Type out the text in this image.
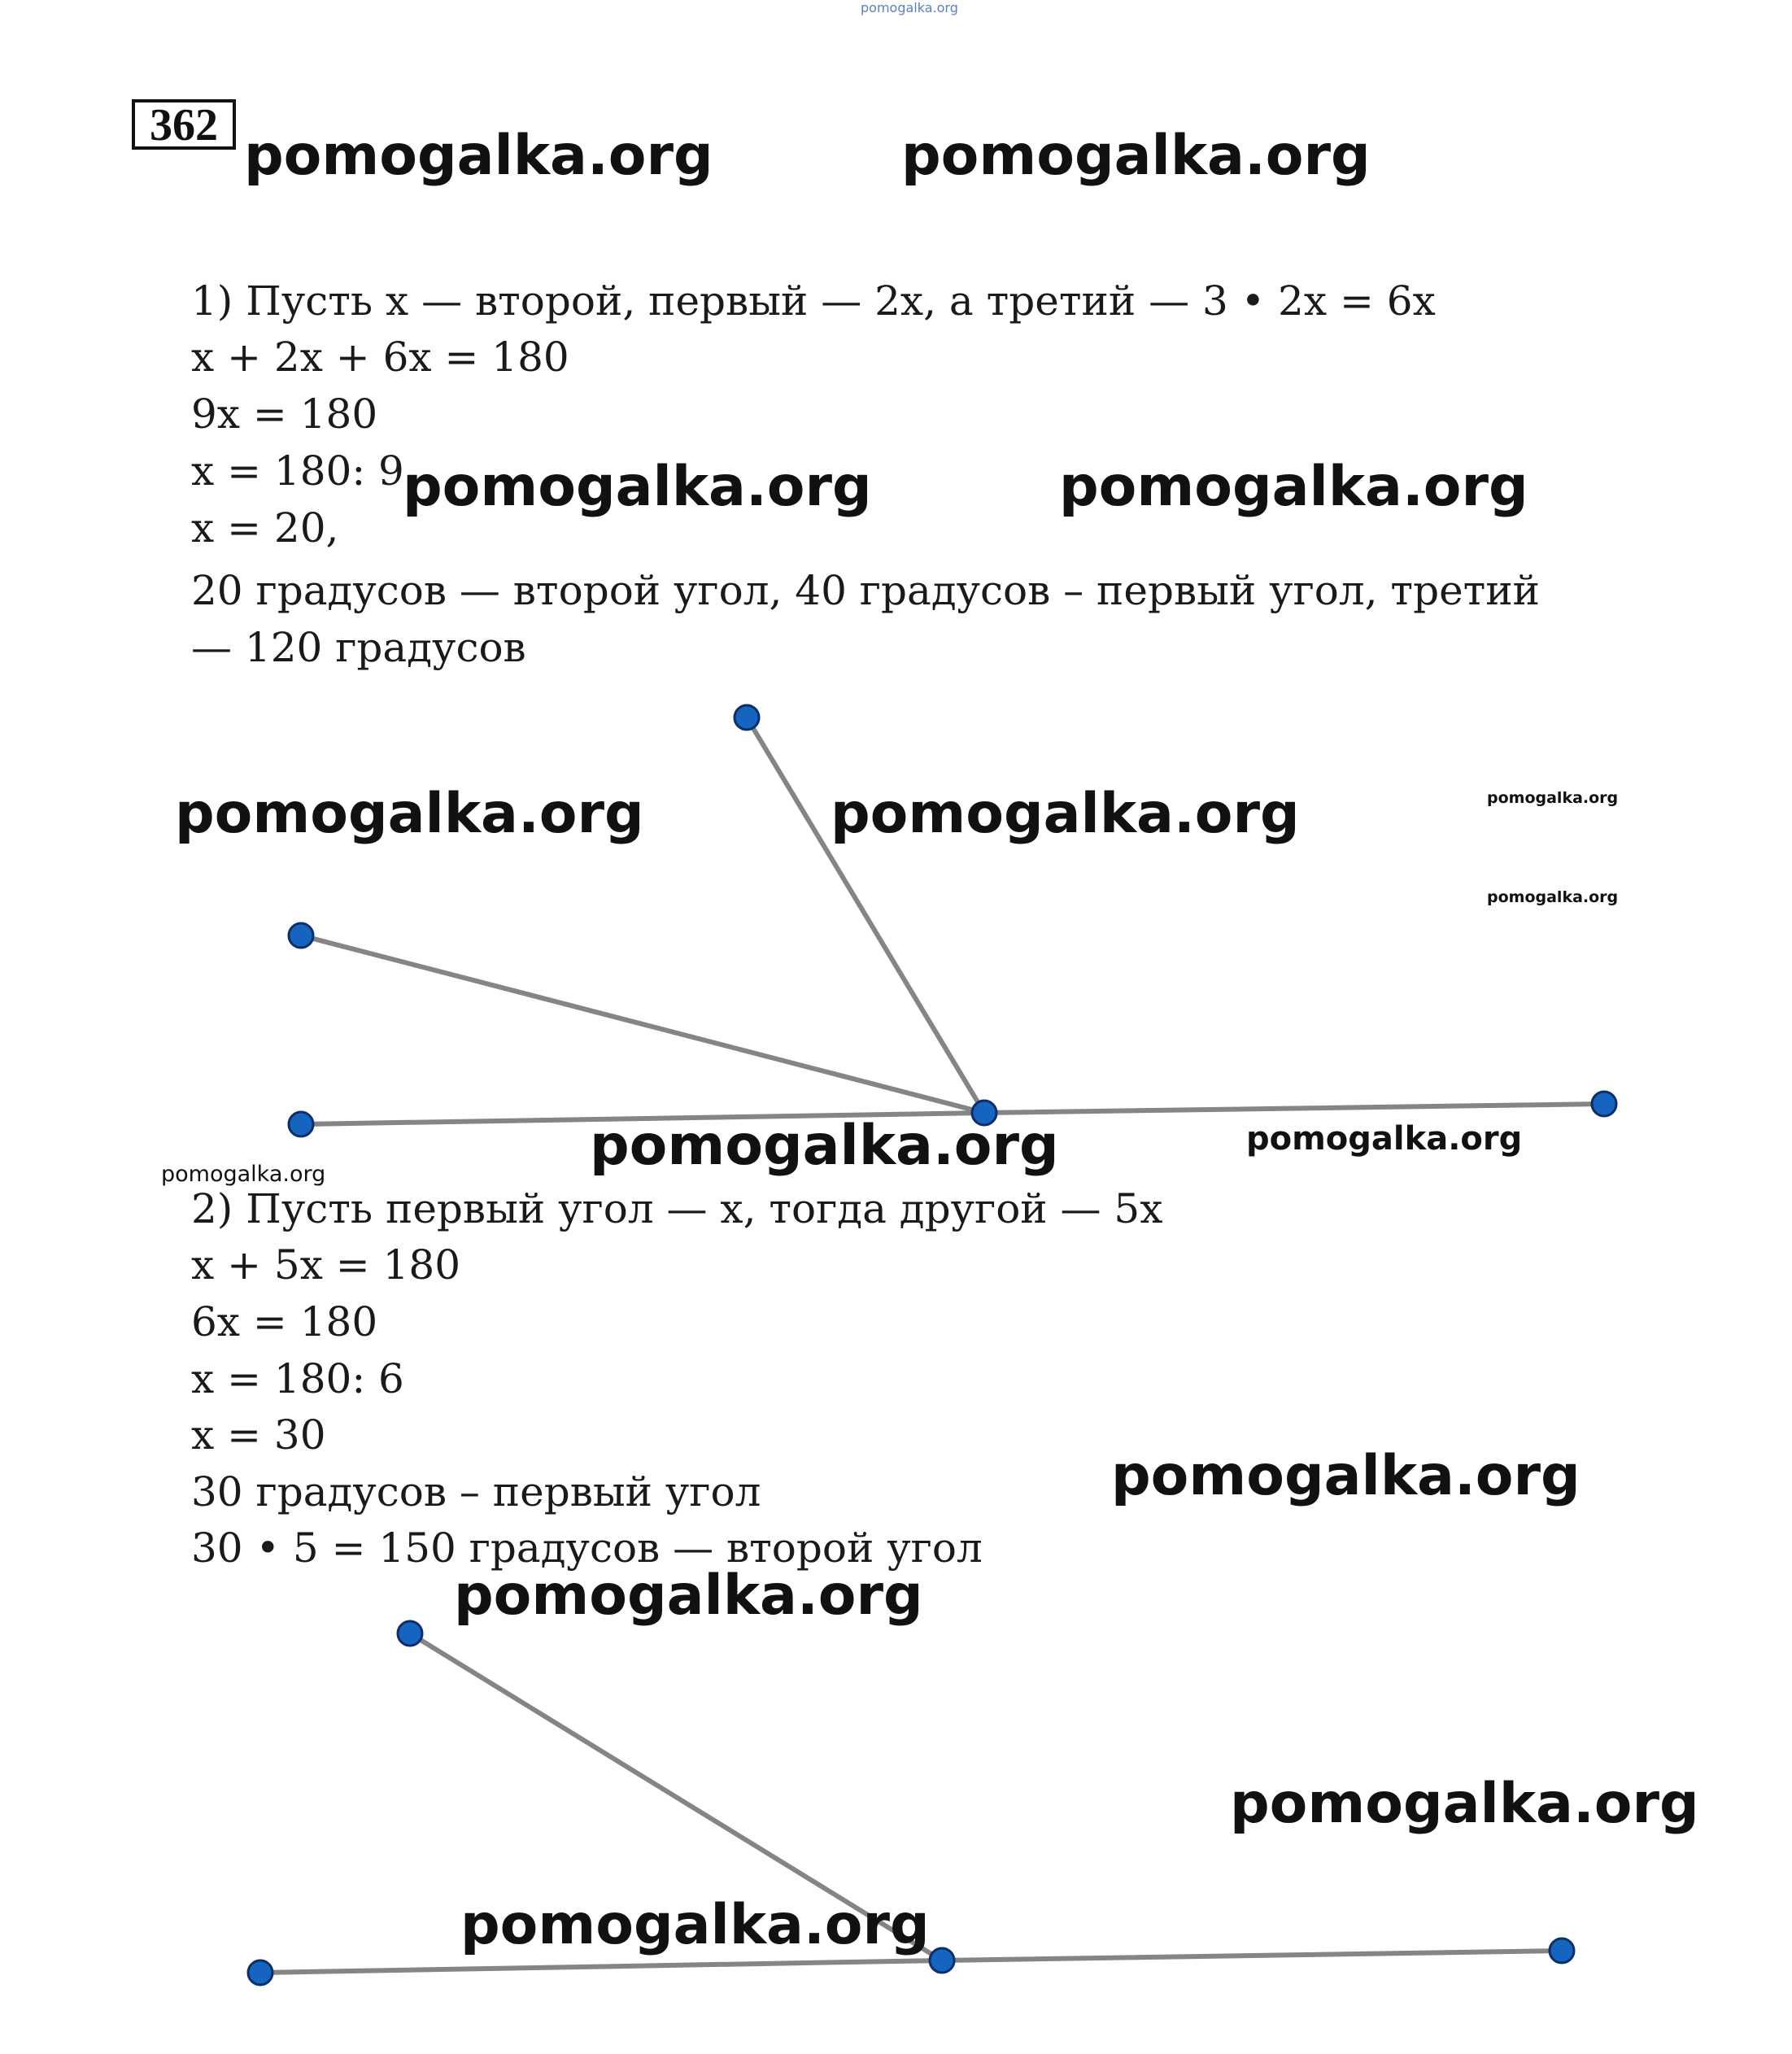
pomogalka.org
362 pomogalka.org	pomogalka.org
1) Пусть x — второй, первый — 2x, а третий — 3 • 2x = 6x
x + 2x + 6x = 180
9x = 180
x = 180: 9
x = 20,
20 градусов — второй угол, 40 градусов – первый угол, третий
— 120 градусов
pomogalka.org	pomogalka.org
pomogalka.org	pomogalka.org	pomogalka.org
pomogalka.org
pomogalka.org	pomogalka.org
pomogalka.org
2) Пусть первый угол — x, тогда другой — 5x
x + 5x = 180
6x = 180
x = 180: 6
x = 30
30 градусов – первый угол
30 • 5 = 150 градусов — второй угол
pomogalka.org
pomogalka.org
pomogalka.org
pomogalka.org
